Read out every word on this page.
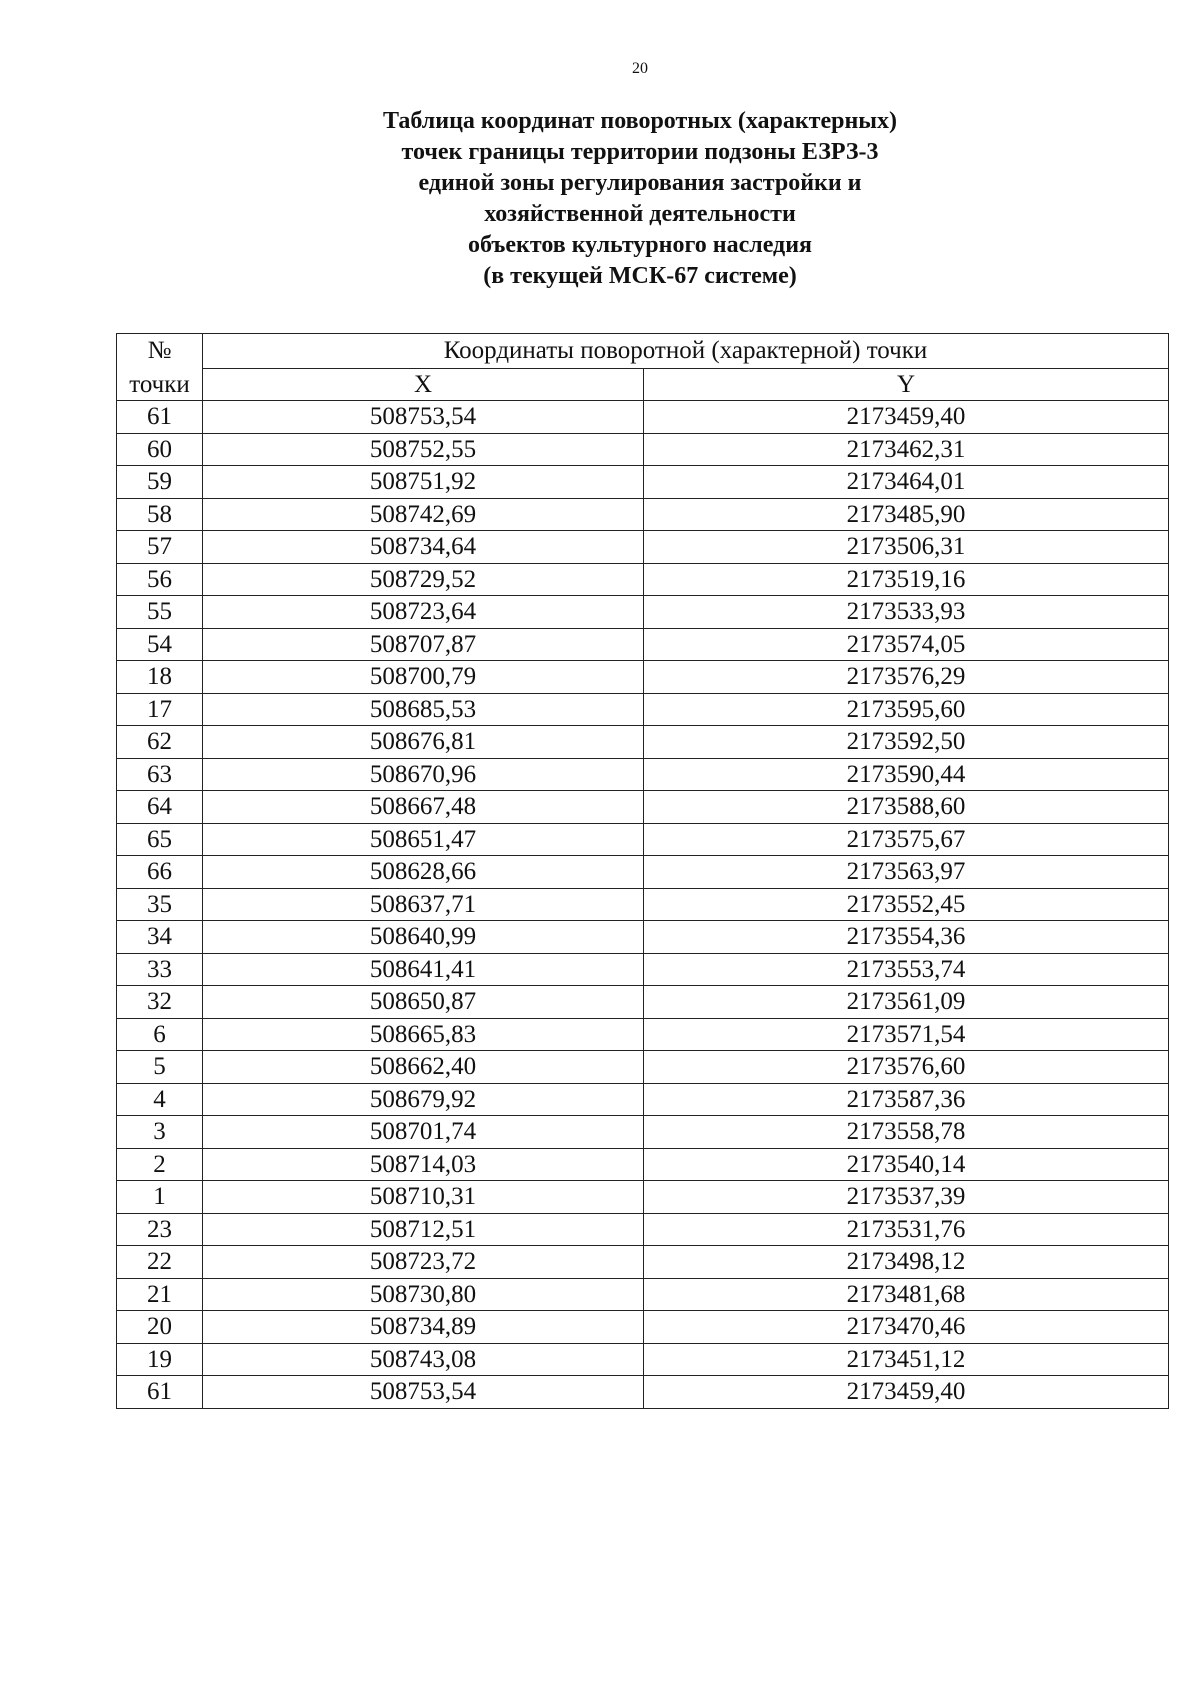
20
Таблица координат поворотных (характерных)
точек границы территории подзоны ЕЗРЗ-3
единой зоны регулирования застройки и
хозяйственной деятельности
объектов культурного наследия
(в текущей МСК-67 системе)
№	Координаты поворотной (характерной) точки	
точки	X	Y
61	508753,54	2173459,40
60	508752,55	2173462,31
59	508751,92	2173464,01
58	508742,69	2173485,90
57	508734,64	2173506,31
56	508729,52	2173519,16
55	508723,64	2173533,93
54	508707,87	2173574,05
18	508700,79	2173576,29
17	508685,53	2173595,60
62	508676,81	2173592,50
63	508670,96	2173590,44
64	508667,48	2173588,60
65	508651,47	2173575,67
66	508628,66	2173563,97
35	508637,71	2173552,45
34	508640,99	2173554,36
33	508641,41	2173553,74
32	508650,87	2173561,09
6	508665,83	2173571,54
5	508662,40	2173576,60
4	508679,92	2173587,36
3	508701,74	2173558,78
2	508714,03	2173540,14
1	508710,31	2173537,39
23	508712,51	2173531,76
22	508723,72	2173498,12
21	508730,80	2173481,68
20	508734,89	2173470,46
19	508743,08	2173451,12
61	508753,54	2173459,40
